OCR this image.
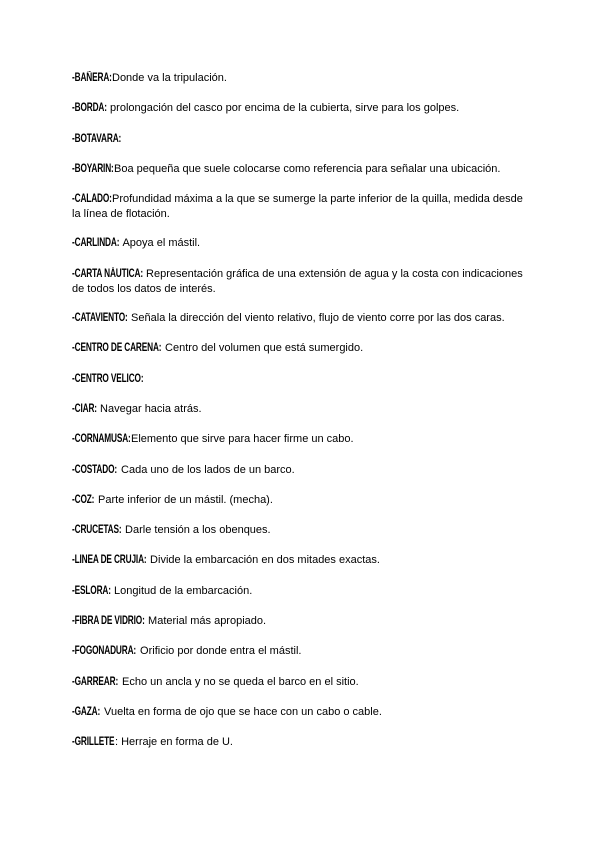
-BAÑERA:Donde va la tripulación.

-BORDA: prolongación del casco por encima de la cubierta, sirve para los golpes.

-BOTAVARA:

-BOYARIN:Boa pequeña que suele colocarse como referencia para señalar una ubicación.

-CALADO:Profundidad máxima a la que se sumerge la parte inferior de la quilla, medida desde la línea de flotación.

-CARLINDA: Apoya el mástil.

-CARTA NÁUTICA: Representación gráfica de una extensión de agua y la costa con indicaciones de todos los datos de interés.

-CATAVIENTO: Señala la dirección del viento relativo, flujo de viento corre por las dos caras.

-CENTRO DE CARENA: Centro del volumen que está sumergido.

-CENTRO VELICO:

-CIAR: Navegar hacia atrás.

-CORNAMUSA:Elemento que sirve para hacer firme un cabo.

-COSTADO: Cada uno de los lados de un barco.

-COZ: Parte inferior de un mástil. (mecha).

-CRUCETAS: Darle tensión a los obenques.

-LINEA DE CRUJIA: Divide la embarcación en dos mitades exactas.

-ESLORA: Longitud de la embarcación.

-FIBRA DE VIDRIO: Material más apropiado.

-FOGONADURA: Orificio por donde entra el mástil.

-GARREAR: Echo un ancla y no se queda el barco en el sitio.

-GAZA: Vuelta en forma de ojo que se hace con un cabo o cable.

-GRILLETE: Herraje en forma de U.
